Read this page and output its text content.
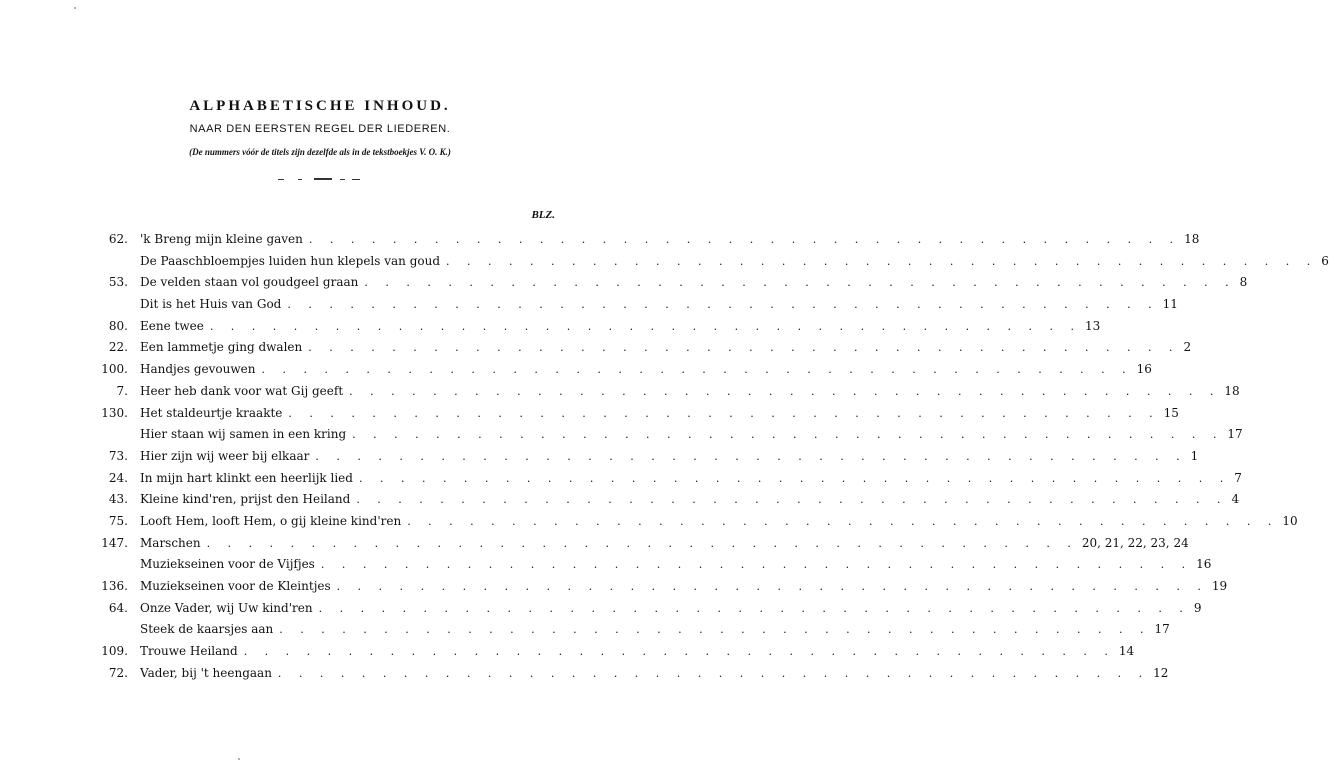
ALPHABETISCHE INHOUD.
NAAR DEN EERSTEN REGEL DER LIEDEREN.
(De nummers vóór de titels zijn dezelfde als in de tekstboekjes V. O. K.)
BLZ.
62. 'k Breng mijn kleine gaven . . . . . . . . . . . . . . . . . . . . . . . . . . . . . . . . . . . . . . . . . . 18
De Paaschbloempjes luiden hun klepels van goud . . . . . . . . . . . . . . . . . . . . . . . . . . . . . . . . . . . . . . . . . . 6
53. De velden staan vol goudgeel graan . . . . . . . . . . . . . . . . . . . . . . . . . . . . . . . . . . . . . . . . . . 8
Dit is het Huis van God . . . . . . . . . . . . . . . . . . . . . . . . . . . . . . . . . . . . . . . . . . 11
80. Eene twee . . . . . . . . . . . . . . . . . . . . . . . . . . . . . . . . . . . . . . . . . . 13
22. Een lammetje ging dwalen . . . . . . . . . . . . . . . . . . . . . . . . . . . . . . . . . . . . . . . . . . 2
100. Handjes gevouwen . . . . . . . . . . . . . . . . . . . . . . . . . . . . . . . . . . . . . . . . . . 16
7. Heer heb dank voor wat Gij geeft . . . . . . . . . . . . . . . . . . . . . . . . . . . . . . . . . . . . . . . . . . 18
130. Het staldeurtje kraakte . . . . . . . . . . . . . . . . . . . . . . . . . . . . . . . . . . . . . . . . . . 15
Hier staan wij samen in een kring . . . . . . . . . . . . . . . . . . . . . . . . . . . . . . . . . . . . . . . . . . 17
73. Hier zijn wij weer bij elkaar . . . . . . . . . . . . . . . . . . . . . . . . . . . . . . . . . . . . . . . . . . 1
24. In mijn hart klinkt een heerlijk lied . . . . . . . . . . . . . . . . . . . . . . . . . . . . . . . . . . . . . . . . . . 7
43. Kleine kind'ren, prijst den Heiland . . . . . . . . . . . . . . . . . . . . . . . . . . . . . . . . . . . . . . . . . . 4
75. Looft Hem, looft Hem, o gij kleine kind'ren . . . . . . . . . . . . . . . . . . . . . . . . . . . . . . . . . . . . . . . . . . 10
147. Marschen . . . . . . . . . . . . . . . . . . . . . . . . . . . . . . . . . . . . . . . . . . 20, 21, 22, 23, 24
Muziekseinen voor de Vijfjes . . . . . . . . . . . . . . . . . . . . . . . . . . . . . . . . . . . . . . . . . . 16
136. Muziekseinen voor de Kleintjes . . . . . . . . . . . . . . . . . . . . . . . . . . . . . . . . . . . . . . . . . . 19
64. Onze Vader, wij Uw kind'ren . . . . . . . . . . . . . . . . . . . . . . . . . . . . . . . . . . . . . . . . . . 9
Steek de kaarsjes aan . . . . . . . . . . . . . . . . . . . . . . . . . . . . . . . . . . . . . . . . . . 17
109. Trouwe Heiland . . . . . . . . . . . . . . . . . . . . . . . . . . . . . . . . . . . . . . . . . . 14
72. Vader, bij 't heengaan . . . . . . . . . . . . . . . . . . . . . . . . . . . . . . . . . . . . . . . . . . 12
